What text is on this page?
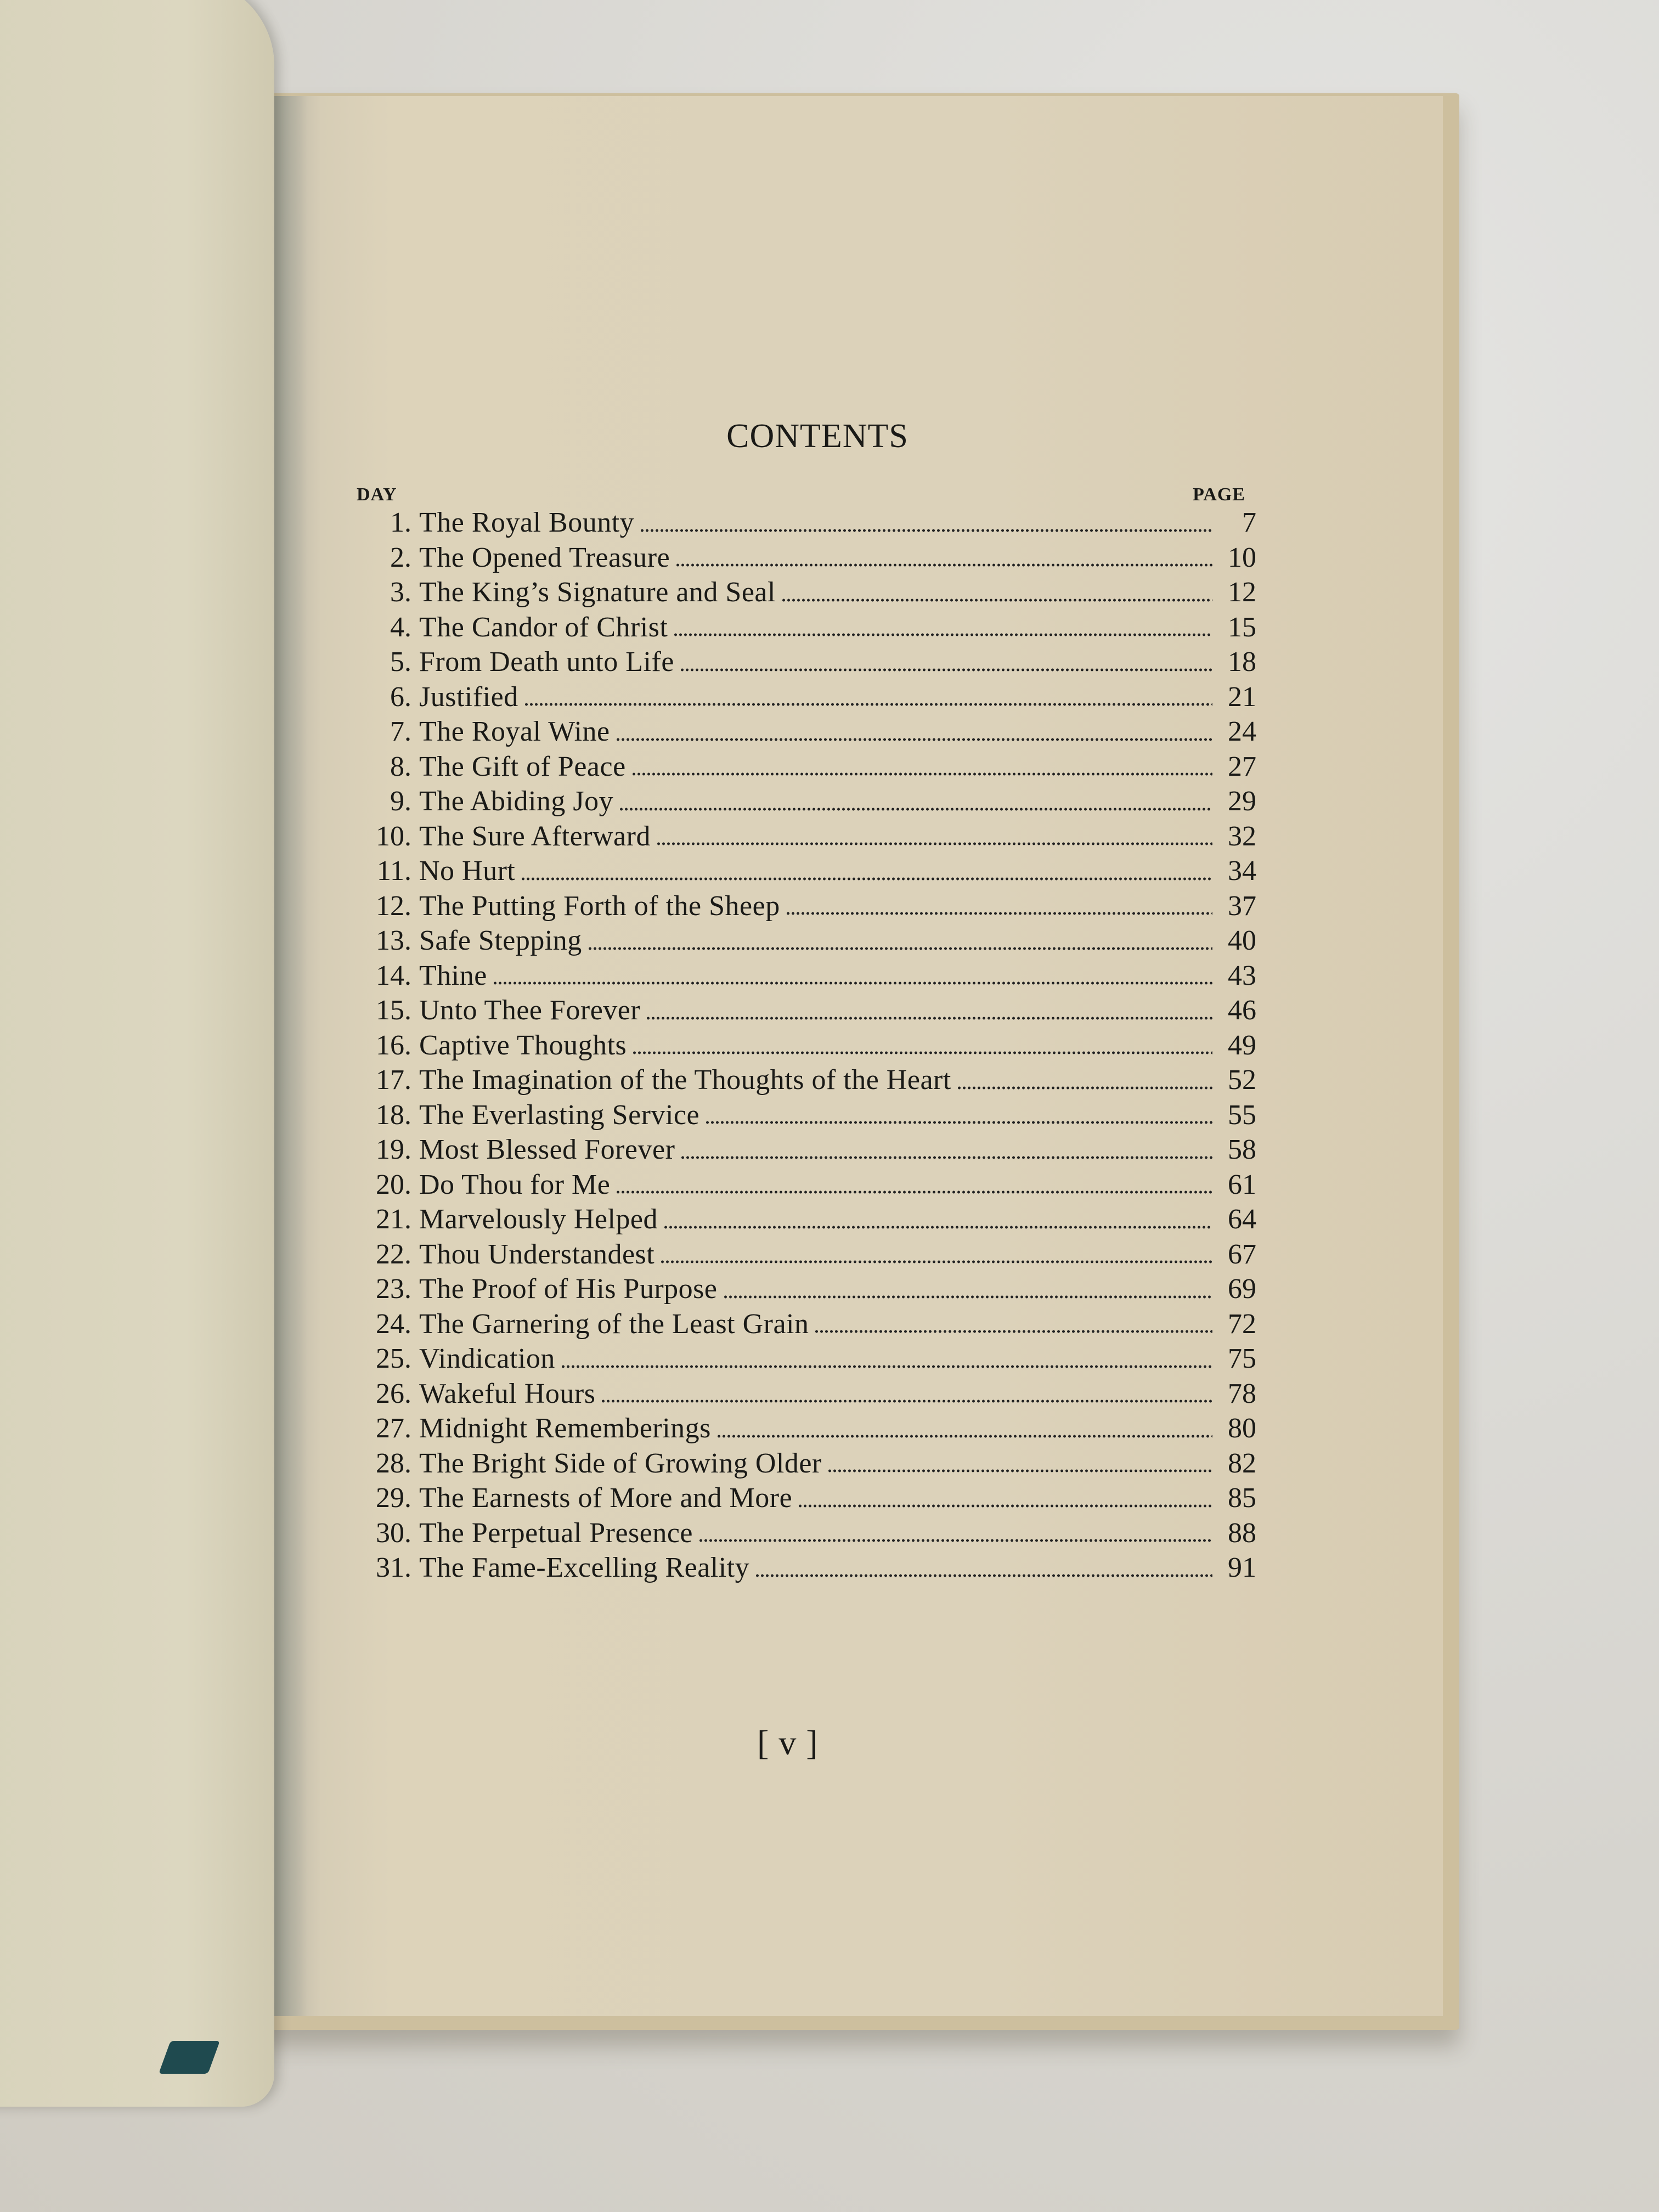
CONTENTS
DAY	PAGE
1. The Royal Bounty	7
2. The Opened Treasure	10
3. The King’s Signature and Seal	12
4. The Candor of Christ	15
5. From Death unto Life	18
6. Justified	21
7. The Royal Wine	24
8. The Gift of Peace	27
9. The Abiding Joy	29
10. The Sure Afterward	32
11. No Hurt	34
12. The Putting Forth of the Sheep	37
13. Safe Stepping	40
14. Thine	43
15. Unto Thee Forever	46
16. Captive Thoughts	49
17. The Imagination of the Thoughts of the Heart	52
18. The Everlasting Service	55
19. Most Blessed Forever	58
20. Do Thou for Me	61
21. Marvelously Helped	64
22. Thou Understandest	67
23. The Proof of His Purpose	69
24. The Garnering of the Least Grain	72
25. Vindication	75
26. Wakeful Hours	78
27. Midnight Rememberings	80
28. The Bright Side of Growing Older	82
29. The Earnests of More and More	85
30. The Perpetual Presence	88
31. The Fame-Excelling Reality	91
[v]
